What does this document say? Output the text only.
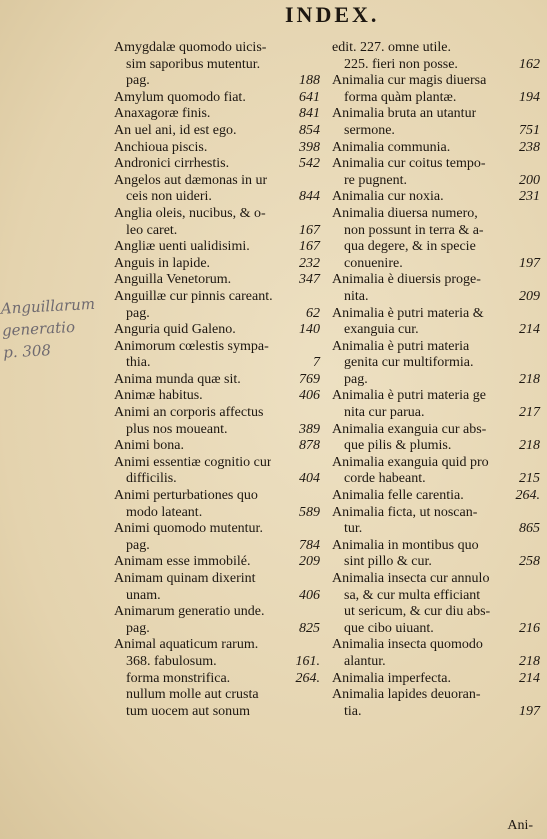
INDEX.
Anguillarum
generatio
p. 308
Amygdalæ quomodo uicis-
sim saporibus mutentur.
pag.	188
Amylum quomodo fiat.	641
Anaxagoræ finis.	841
An uel ani, id est ego.	854
Anchioua piscis.	398
Andronici cirrhestis.	542
Angelos aut dæmonas in ur
ceis non uideri.	844
Anglia oleis, nucibus, & o-
leo caret.	167
Angliæ uenti ualidisimi.	167
Anguis in lapide.	232
Anguilla Venetorum.	347
Anguillæ cur pinnis careant.
pag.	62
Anguria quid Galeno.	140
Animorum cœlestis sympa-
thia.	7
Anima munda quæ sit.	769
Animæ habitus.	406
Animi an corporis affectus
plus nos moueant.	389
Animi bona.	878
Animi essentiæ cognitio cur
difficilis.	404
Animi perturbationes quo
modo lateant.	589
Animi quomodo mutentur.
pag.	784
Animam esse immobilé.	209
Animam quinam dixerint
unam.	406
Animarum generatio unde.
pag.	825
Animal aquaticum rarum.
368. fabulosum.	161.
forma monstrifica.	264.
nullum molle aut crusta
tum uocem aut sonum
edit. 227. omne utile.
225. fieri non posse.	162
Animalia cur magis diuersa
forma quàm plantæ.	194
Animalia bruta an utantur
sermone.	751
Animalia communia.	238
Animalia cur coitus tempo-
re pugnent.	200
Animalia cur noxia.	231
Animalia diuersa numero,
non possunt in terra & a-
qua degere, & in specie
conuenire.	197
Animalia è diuersis proge-
nita.	209
Animalia è putri materia &
exanguia cur.	214
Animalia è putri materia
genita cur multiformia.
pag.	218
Animalia è putri materia ge
nita cur parua.	217
Animalia exanguia cur abs-
que pilis & plumis.	218
Animalia exanguia quid pro
corde habeant.	215
Animalia felle carentia.	264.
Animalia ficta, ut noscan-
tur.	865
Animalia in montibus quo
sint pillo & cur.	258
Animalia insecta cur annulo
sa, & cur multa efficiant
ut sericum, & cur diu abs-
que cibo uiuant.	216
Animalia insecta quomodo
alantur.	218
Animalia imperfecta.	214
Animalia lapides deuoran-
tia.	197
Ani-
